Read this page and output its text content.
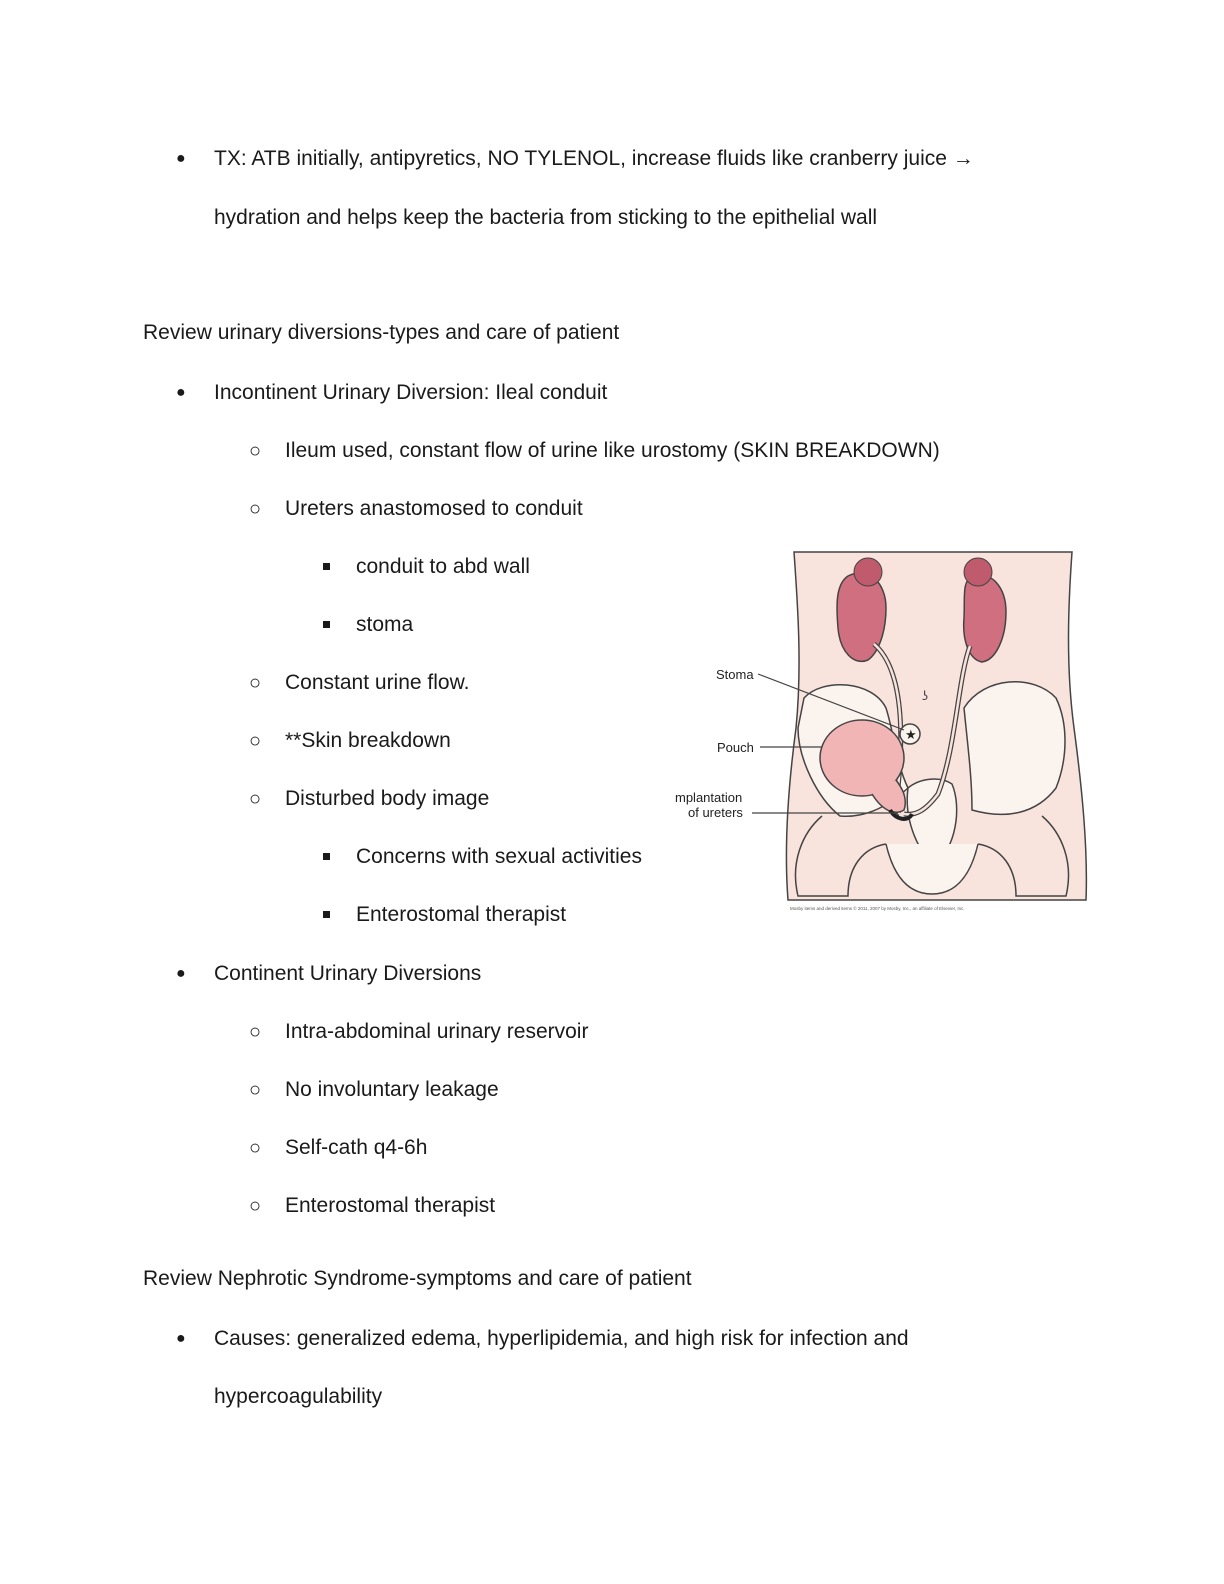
● TX: ATB initially, antipyretics, NO TYLENOL, increase fluids like cranberry juice →
hydration and helps keep the bacteria from sticking to the epithelial wall
Review urinary diversions-types and care of patient
● Incontinent Urinary Diversion: Ileal conduit
○ Ileum used, constant flow of urine like urostomy (SKIN BREAKDOWN)
○ Ureters anastomosed to conduit
conduit to abd wall
stoma
○ Constant urine flow.
○ **Skin breakdown
○ Disturbed body image
Concerns with sexual activities
Enterostomal therapist
● Continent Urinary Diversions
○ Intra-abdominal urinary reservoir
○ No involuntary leakage
○ Self-cath q4-6h
○ Enterostomal therapist
Review Nephrotic Syndrome-symptoms and care of patient
● Causes: generalized edema, hyperlipidemia, and high risk for infection and
hypercoagulability
★
ʖ
Stoma
Pouch
mplantation
of ureters
Mosby items and derived items © 2011, 2007 by Mosby, Inc., an affiliate of Elsevier, Inc.
